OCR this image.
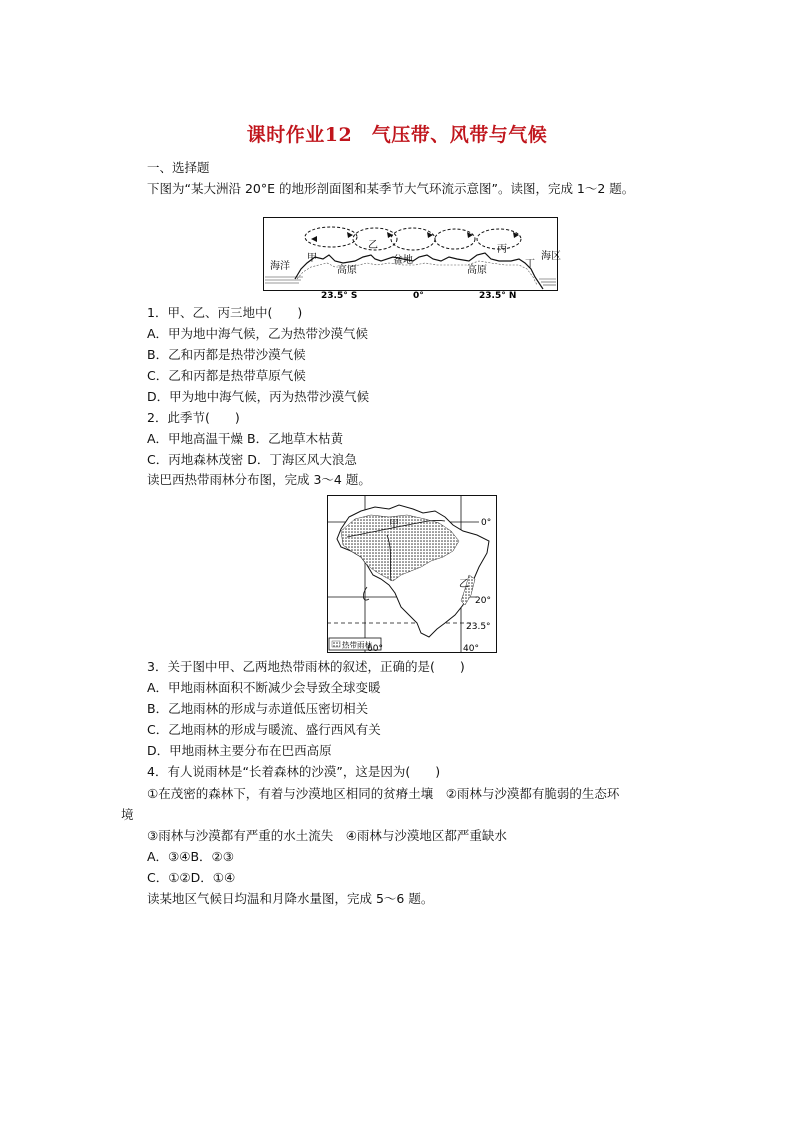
课时作业12　气压带、风带与气候
一、选择题
下图为“某大洲沿 20°E 的地形剖面图和某季节大气环流示意图”。读图，完成 1～2 题。
海洋
甲
乙	丙
丁
盆地
高原	高原
海区
23.5° S	0°	23.5° N
1．甲、乙、丙三地中(　　)
A．甲为地中海气候，乙为热带沙漠气候
B．乙和丙都是热带沙漠气候
C．乙和丙都是热带草原气候
D．甲为地中海气候，丙为热带沙漠气候
2．此季节(　　)
A．甲地高温干燥 B．乙地草木枯黄
C．丙地森林茂密 D．丁海区风大浪急
读巴西热带雨林分布图，完成 3～4 题。
热带雨林
甲
乙
0°
20°
23.5°
60°	40°
3．关于图中甲、乙两地热带雨林的叙述，正确的是(　　)
A．甲地雨林面积不断减少会导致全球变暖
B．乙地雨林的形成与赤道低压密切相关
C．乙地雨林的形成与暖流、盛行西风有关
D．甲地雨林主要分布在巴西高原
4．有人说雨林是“长着森林的沙漠”，这是因为(　　)
①在茂密的森林下，有着与沙漠地区相同的贫瘠土壤　②雨林与沙漠都有脆弱的生态环
境
③雨林与沙漠都有严重的水土流失　④雨林与沙漠地区都严重缺水
A．③④B．②③
C．①②D．①④
读某地区气候日均温和月降水量图，完成 5～6 题。
